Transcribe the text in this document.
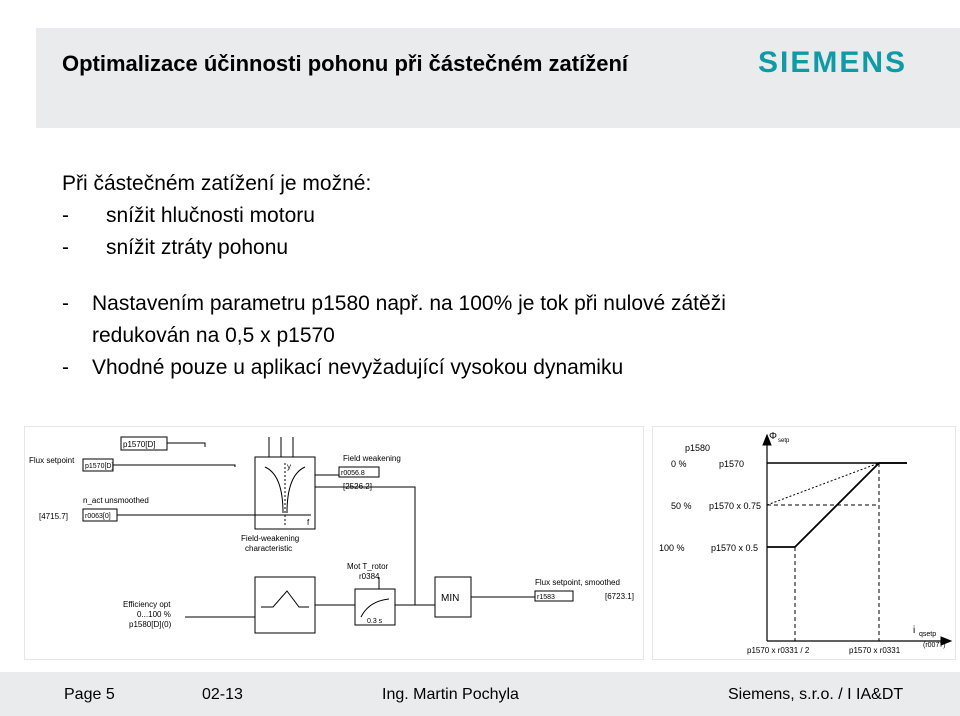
Optimalizace účinnosti pohonu při částečném zatížení	SIEMENS
Při částečném zatížení je možné:
-	snížit hlučnosti motoru
-	snížit ztráty pohonu
-	Nastavením parametru p1580 např. na 100% je tok při nulové zátěži
redukován na 0,5 x p1570
-	Vhodné pouze u aplikací nevyžadující vysokou dynamiku
p1570[D]
Flux setpoint
p1570[D]
n_act unsmoothed
[4715.7] r0063[0]
Field weakening
r0056.8
[2526.2]
y
f
Field-weakening
characteristic
Mot T_rotor
r0384
0.3 s
MIN
Flux setpoint, smoothed
r1583	[6723.1]
Efficiency opt
0...100 %
p1580[D](0)
Φ setp
p1580
0 %
50 %
100 %
p1570
p1570 x 0.75
p1570 x 0.5
i qsetp
(r0077)
p1570 x r0331 / 2	p1570 x r0331
Page 5	02-13	Ing. Martin Pochyla	Siemens, s.r.o. / I IA&DT
